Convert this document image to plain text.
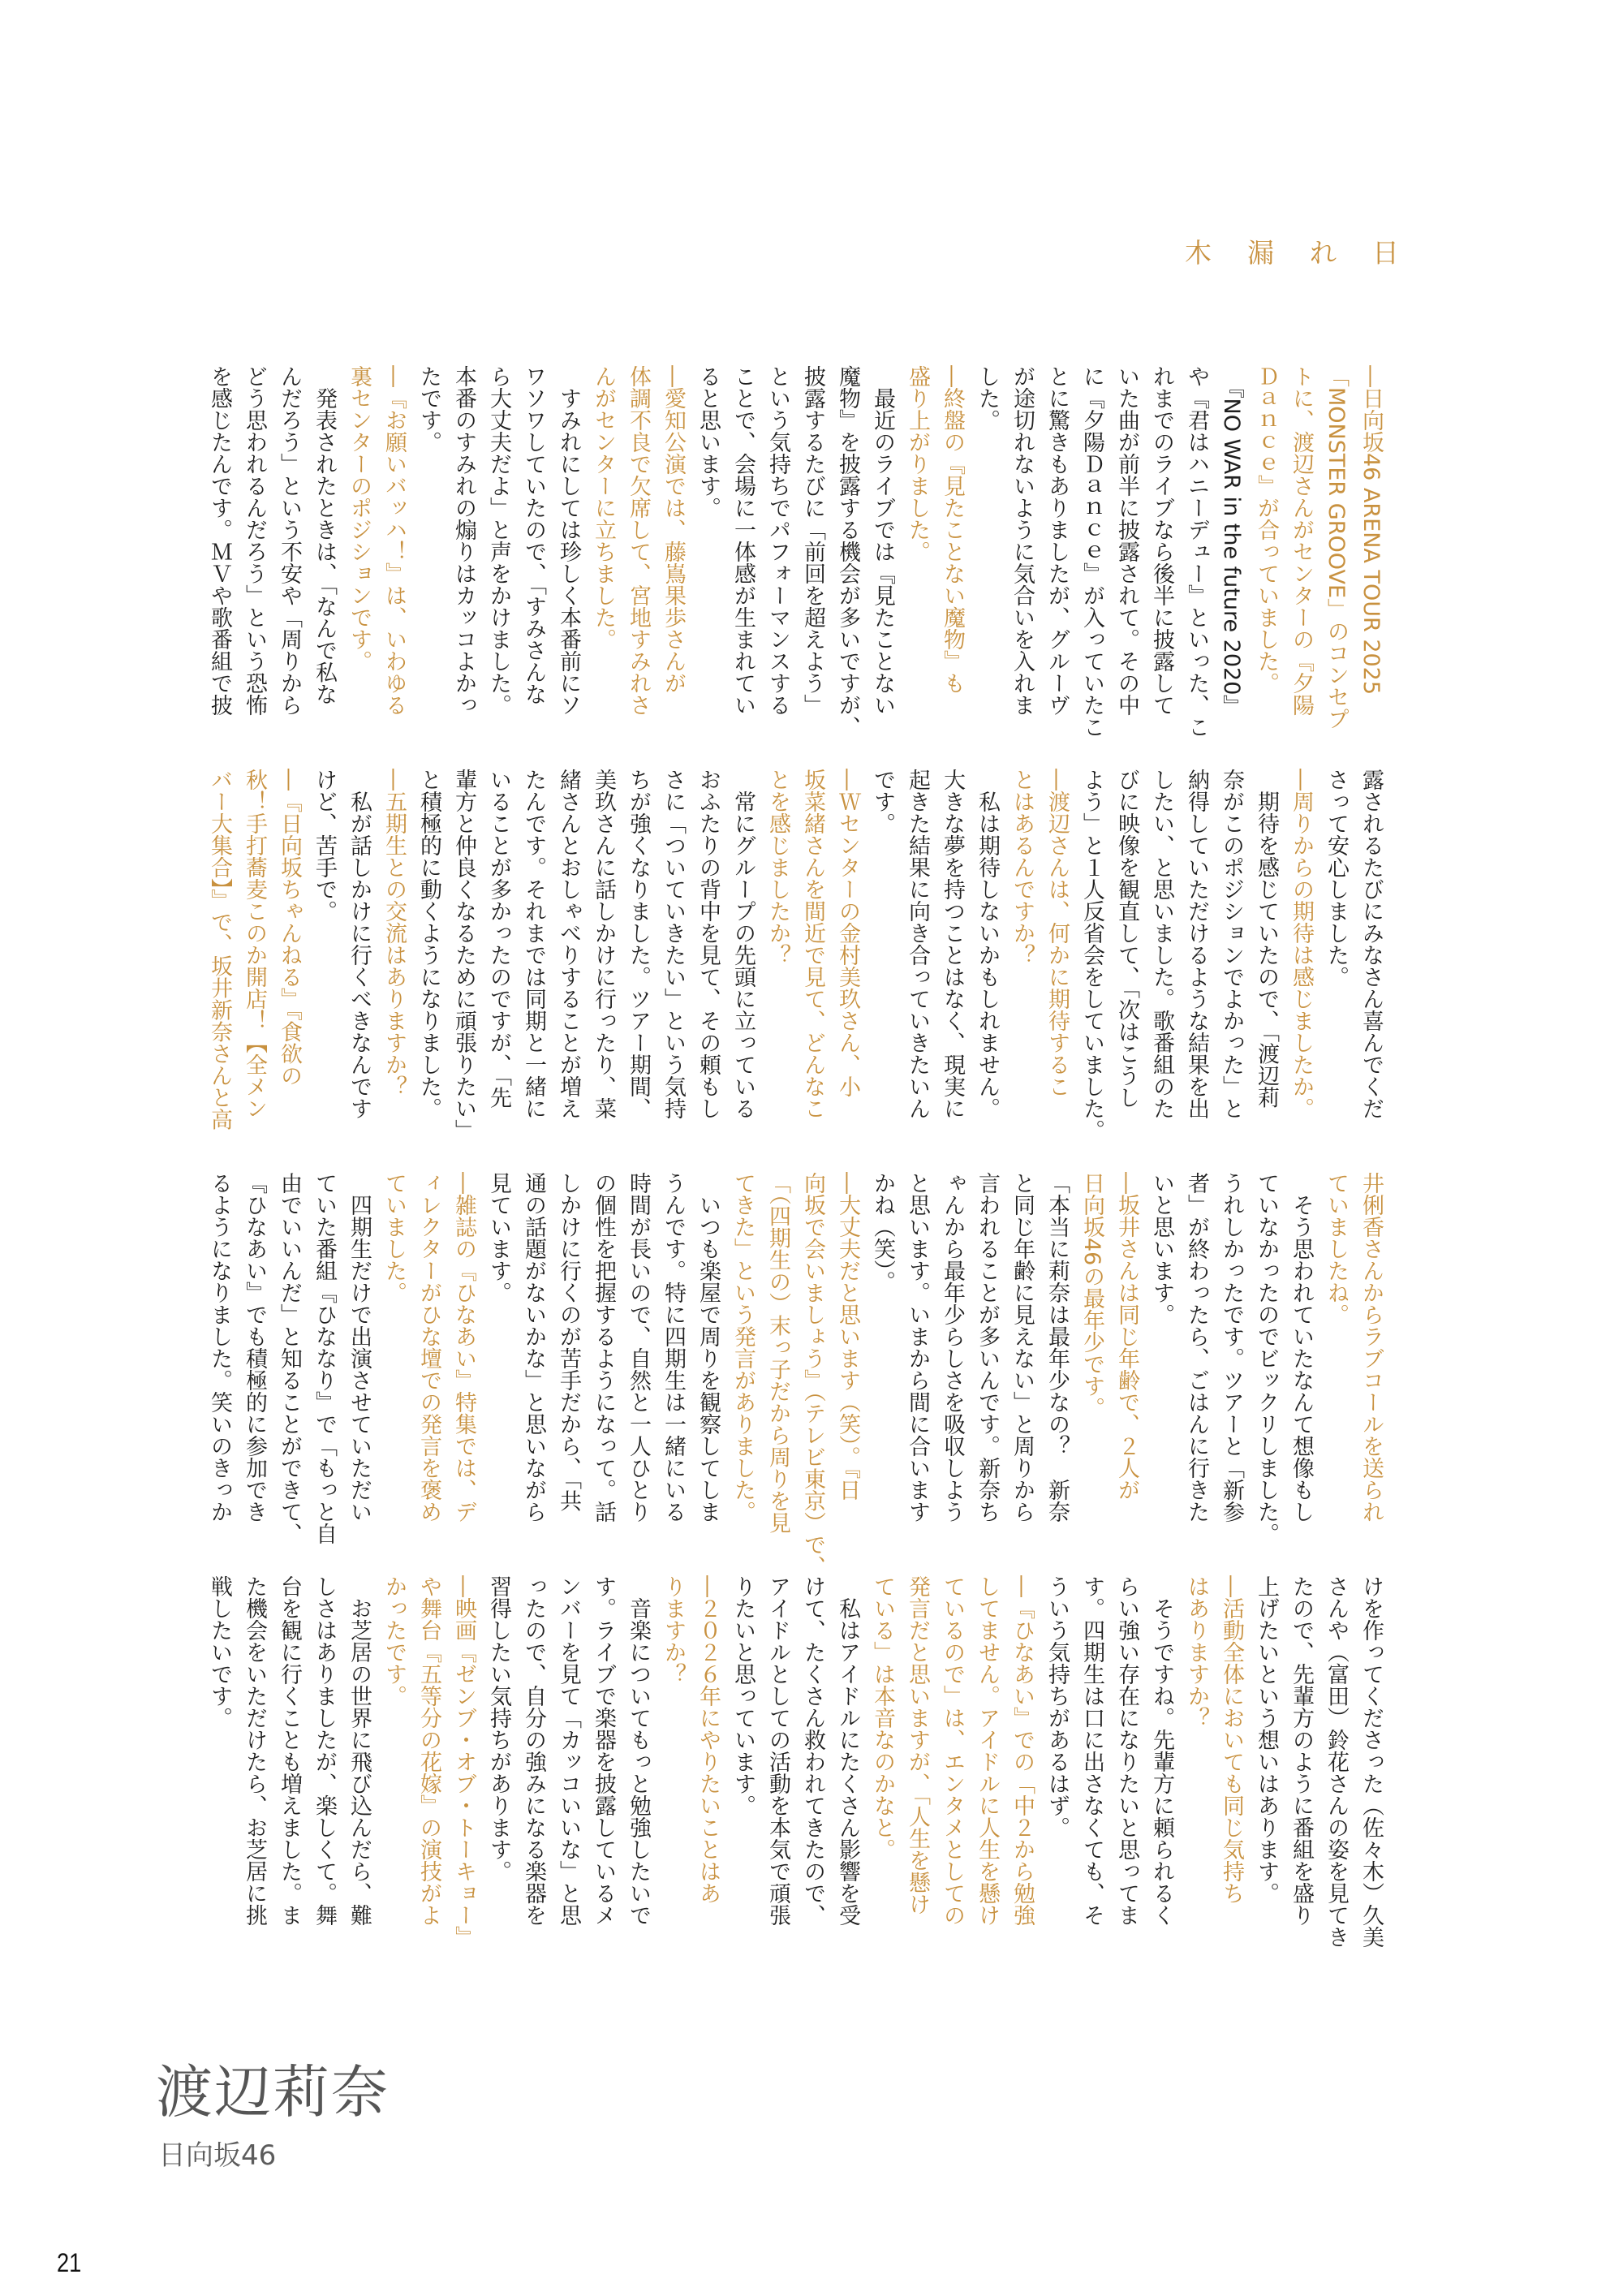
木漏れ日
―日向坂46 ARENA TOUR 2025
「MONSTER GROOVE」のコンセプ
トに、渡辺さんがセンターの『夕陽
Ｄａｎｃｅ』が合っていました。
　『NO WAR in the future 2020』
や『君はハニーデュー』といった、こ
れまでのライブなら後半に披露して
いた曲が前半に披露されて。その中
に『夕陽Ｄａｎｃｅ』が入っていたこ
とに驚きもありましたが、グルーヴ
が途切れないように気合いを入れま
した。
―終盤の『見たことない魔物』も
盛り上がりました。
　最近のライブでは『見たことない
魔物』を披露する機会が多いですが、
披露するたびに「前回を超えよう」
という気持ちでパフォーマンスする
ことで、会場に一体感が生まれてい
ると思います。
―愛知公演では、藤嶌果歩さんが
体調不良で欠席して、宮地すみれさ
んがセンターに立ちました。
　すみれにしては珍しく本番前にソ
ワソワしていたので、「すみさんな
ら大丈夫だよ」と声をかけました。
本番のすみれの煽りはカッコよかっ
たです。
―『お願いバッハ！』は、いわゆる
裏センターのポジションです。
　発表されたときは、「なんで私な
んだろう」という不安や「周りから
どう思われるんだろう」という恐怖
を感じたんです。ＭＶや歌番組で披
露されるたびにみなさん喜んでくだ
さって安心しました。
―周りからの期待は感じましたか。
　期待を感じていたので、「渡辺莉
奈がこのポジションでよかった」と
納得していただけるような結果を出
したい、と思いました。歌番組のた
びに映像を観直して、「次はこうし
よう」と１人反省会をしていました。
―渡辺さんは、何かに期待するこ
とはあるんですか？
　私は期待しないかもしれません。
大きな夢を持つことはなく、現実に
起きた結果に向き合っていきたいん
です。
―Ｗセンターの金村美玖さん、小
坂菜緒さんを間近で見て、どんなこ
とを感じましたか？
　常にグループの先頭に立っている
おふたりの背中を見て、その頼もし
さに「ついていきたい」という気持
ちが強くなりました。ツアー期間、
美玖さんに話しかけに行ったり、菜
緒さんとおしゃべりすることが増え
たんです。それまでは同期と一緒に
いることが多かったのですが、「先
輩方と仲良くなるために頑張りたい」
と積極的に動くようになりました。
―五期生との交流はありますか？
　私が話しかけに行くべきなんです
けど、苦手で。
―『日向坂ちゃんねる』『食欲の
秋！手打蕎麦このか開店！【全メン
バー大集合】』で、坂井新奈さんと高
井俐香さんからラブコールを送られ
ていましたね。
　そう思われていたなんて想像もし
ていなかったのでビックリしました。
うれしかったです。ツアーと「新参
者」が終わったら、ごはんに行きた
いと思います。
―坂井さんは同じ年齢で、２人が
日向坂46の最年少です。
「本当に莉奈は最年少なの？　新奈
と同じ年齢に見えない」と周りから
言われることが多いんです。新奈ち
ゃんから最年少らしさを吸収しよう
と思います。いまから間に合います
かね（笑）。
―大丈夫だと思います（笑）。『日
向坂で会いましょう』（テレビ東京）で、
「（四期生の）末っ子だから周りを見
てきた」という発言がありました。
　いつも楽屋で周りを観察してしま
うんです。特に四期生は一緒にいる
時間が長いので、自然と一人ひとり
の個性を把握するようになって。話
しかけに行くのが苦手だから、「共
通の話題がないかな」と思いながら
見ています。
―雑誌の『ひなあい』特集では、デ
ィレクターがひな壇での発言を褒め
ていました。
　四期生だけで出演させていただい
ていた番組『ひななり』で「もっと自
由でいいんだ」と知ることができて、
『ひなあい』でも積極的に参加でき
るようになりました。笑いのきっか
けを作ってくださった（佐々木）久美
さんや（富田）鈴花さんの姿を見てき
たので、先輩方のように番組を盛り
上げたいという想いはあります。
―活動全体においても同じ気持ち
はありますか？
　そうですね。先輩方に頼られるく
らい強い存在になりたいと思ってま
す。四期生は口に出さなくても、そ
ういう気持ちがあるはず。
―『ひなあい』での「中２から勉強
してません。アイドルに人生を懸け
ているので」は、エンタメとしての
発言だと思いますが、「人生を懸け
ている」は本音なのかなと。
　私はアイドルにたくさん影響を受
けて、たくさん救われてきたので、
アイドルとしての活動を本気で頑張
りたいと思っています。
―２０２６年にやりたいことはあ
りますか？
　音楽についてもっと勉強したいで
す。ライブで楽器を披露しているメ
ンバーを見て「カッコいいな」と思
ったので、自分の強みになる楽器を
習得したい気持ちがあります。
―映画『ゼンブ・オブ・トーキョー』
や舞台『五等分の花嫁』の演技がよ
かったです。
　お芝居の世界に飛び込んだら、難
しさはありましたが、楽しくて。舞
台を観に行くことも増えました。ま
た機会をいただけたら、お芝居に挑
戦したいです。
渡辺莉奈
日向坂46
21
